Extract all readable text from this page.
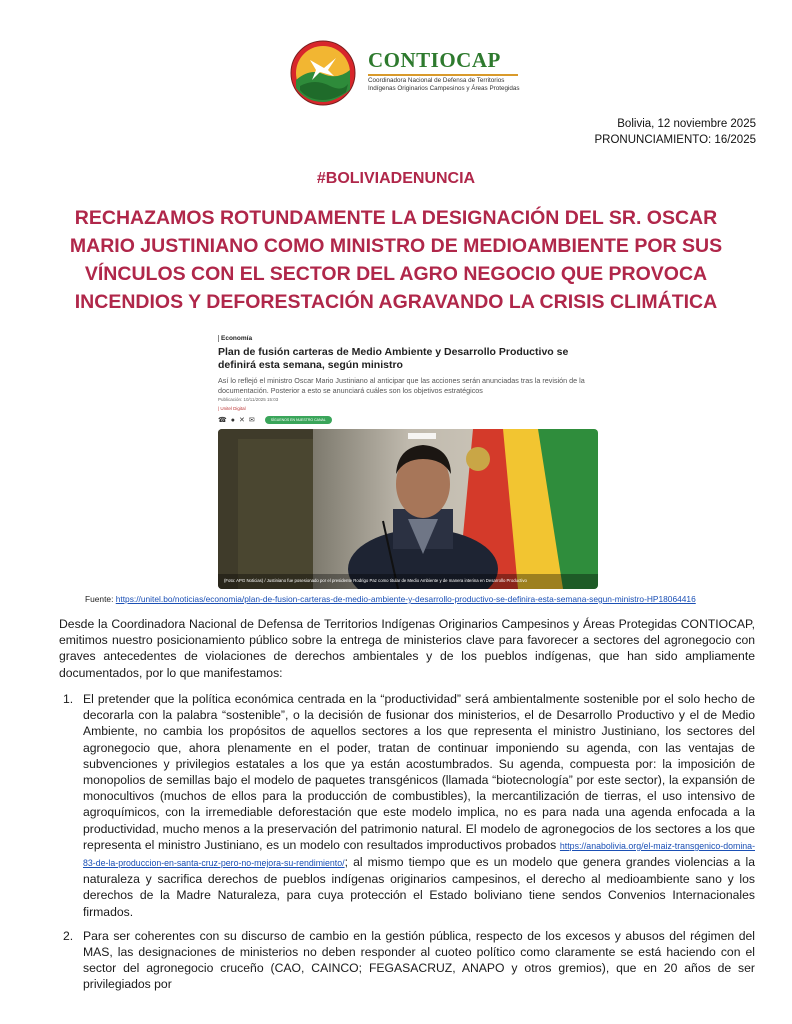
CONTIOCAP
Coordinadora Nacional de Defensa de Territorios
Indígenas Originarios Campesinos y Áreas Protegidas
Bolivia, 12 noviembre 2025
PRONUNCIAMIENTO: 16/2025
#BOLIVIADENUNCIA
RECHAZAMOS ROTUNDAMENTE LA DESIGNACIÓN DEL SR. OSCAR MARIO JUSTINIANO COMO MINISTRO DE MEDIOAMBIENTE POR SUS VÍNCULOS CON EL SECTOR DEL AGRO NEGOCIO QUE PROVOCA INCENDIOS Y DEFORESTACIÓN AGRAVANDO LA CRISIS CLIMÁTICA
Economía
Plan de fusión carteras de Medio Ambiente y Desarrollo Productivo se definirá esta semana, según ministro
Así lo reflejó el ministro Oscar Mario Justiniano al anticipar que las acciones serán anunciadas tras la revisión de la documentación. Posterior a esto se anunciará cuáles son los objetivos estratégicos
Publicación: 10/11/2025 15:03
| Unitel Digital
☎ ● ✕ ✉	SÍGUENOS EN NUESTRO CANAL
(Foto: APG Noticias) / Justiniano fue posesionado por el presidente Rodrigo Paz como titular de Medio Ambiente y de manera interina en Desarrollo Productivo
Fuente: https://unitel.bo/noticias/economia/plan-de-fusion-carteras-de-medio-ambiente-y-desarrollo-productivo-se-definira-esta-semana-segun-ministro-HP18064416
Desde la Coordinadora Nacional de Defensa de Territorios Indígenas Originarios Campesinos y Áreas Protegidas CONTIOCAP, emitimos nuestro posicionamiento público sobre la entrega de ministerios clave para favorecer a sectores del agronegocio con graves antecedentes de violaciones de derechos ambientales y de los pueblos indígenas, que han sido ampliamente documentados, por lo que manifestamos:
1. El pretender que la política económica centrada en la “productividad” será ambientalmente sostenible por el solo hecho de decorarla con la palabra “sostenible”, o la decisión de fusionar dos ministerios, el de Desarrollo Productivo y el de Medio Ambiente, no cambia los propósitos de aquellos sectores a los que representa el ministro Justiniano, los sectores del agronegocio que, ahora plenamente en el poder, tratan de continuar imponiendo su agenda, con las ventajas de subvenciones y privilegios estatales a los que ya están acostumbrados. Su agenda, compuesta por: la imposición de monopolios de semillas bajo el modelo de paquetes transgénicos (llamada “biotecnología” por este sector), la expansión de monocultivos (muchos de ellos para la producción de combustibles), la mercantilización de tierras, el uso intensivo de agroquímicos, con la irremediable deforestación que este modelo implica, no es para nada una agenda enfocada a la productividad, mucho menos a la preservación del patrimonio natural. El modelo de agronegocios de los sectores a los que representa el ministro Justiniano, es un modelo con resultados improductivos probados https://anabolivia.org/el-maiz-transgenico-domina-83-de-la-produccion-en-santa-cruz-pero-no-mejora-su-rendimiento/; al mismo tiempo que es un modelo que genera grandes violencias a la naturaleza y sacrifica derechos de pueblos indígenas originarios campesinos, el derecho al medioambiente sano y los derechos de la Madre Naturaleza, para cuya protección el Estado boliviano tiene sendos Convenios Internacionales firmados.
2. Para ser coherentes con su discurso de cambio en la gestión pública, respecto de los excesos y abusos del régimen del MAS, las designaciones de ministerios no deben responder al cuoteo político como claramente se está haciendo con el sector del agronegocio cruceño (CAO, CAINCO; FEGASACRUZ, ANAPO y otros gremios), que en 20 años de ser privilegiados por
